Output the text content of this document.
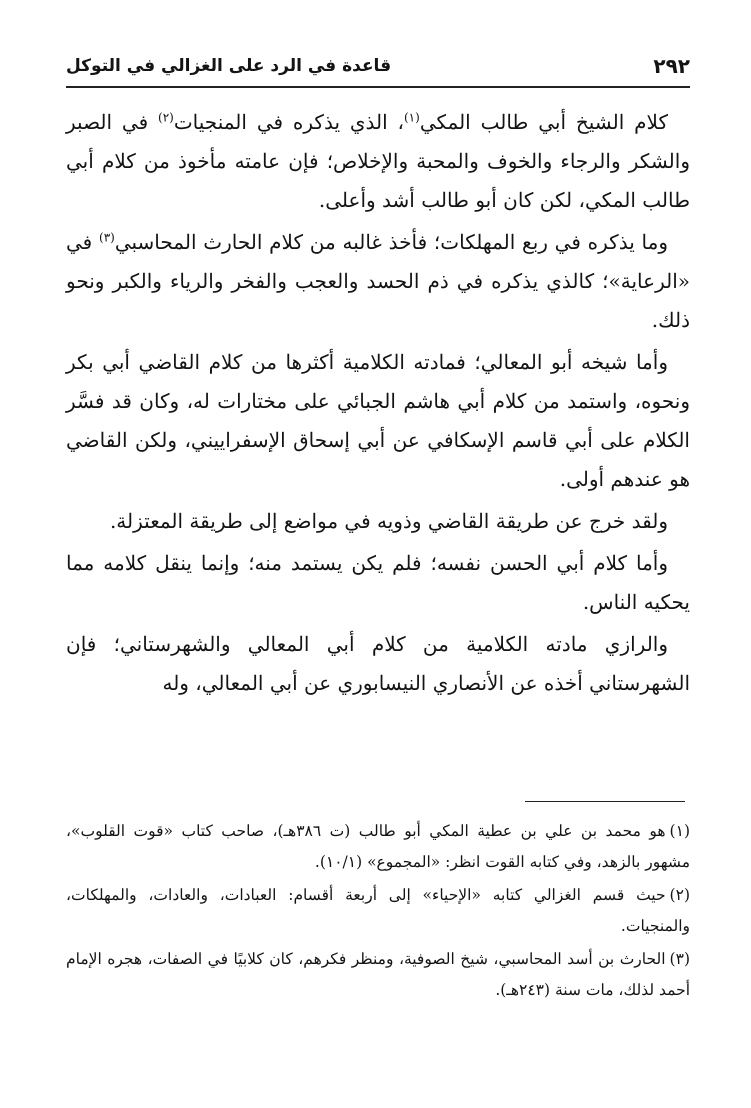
٢٩٢
قاعدة في الرد على الغزالي في التوكل

كلام الشيخ أبي طالب المكي$^{(١)}$، الذي يذكره في المنجيات$^{(٢)}$ في الصبر والشكر والرجاء والخوف والمحبة والإخلاص؛ فإن عامته مأخوذ من كلام أبي طالب المكي، لكن كان أبو طالب أشد وأعلى.

وما يذكره في ربع المهلكات؛ فأخذ غالبه من كلام الحارث المحاسبي$^{(٣)}$ في «الرعاية»؛ كالذي يذكره في ذم الحسد والعجب والفخر والرياء والكبر ونحو ذلك.

وأما شيخه أبو المعالي؛ فمادته الكلامية أكثرها من كلام القاضي أبي بكر ونحوه، واستمد من كلام أبي هاشم الجبائي على مختارات له، وكان قد فسَّر الكلام على أبي قاسم الإسكافي عن أبي إسحاق الإسفراييني، ولكن القاضي هو عندهم أولى.

ولقد خرج عن طريقة القاضي وذويه في مواضع إلى طريقة المعتزلة.

وأما كلام أبي الحسن نفسه؛ فلم يكن يستمد منه؛ وإنما ينقل كلامه مما يحكيه الناس.

والرازي مادته الكلامية من كلام أبي المعالي والشهرستاني؛ فإن الشهرستاني أخذه عن الأنصاري النيسابوري عن أبي المعالي، وله

(١)هو محمد بن علي بن عطية المكي أبو طالب (ت ٣٨٦هـ)، صاحب كتاب «قوت القلوب»، مشهور بالزهد، وفي كتابه القوت انظر: «المجموع» (١٠/١).

(٢)حيث قسم الغزالي كتابه «الإحياء» إلى أربعة أقسام: العبادات، والعادات، والمهلكات، والمنجيات.

(٣)الحارث بن أسد المحاسبي، شيخ الصوفية، ومنظر فكرهم، كان كلابيًا في الصفات، هجره الإمام أحمد لذلك، مات سنة (٢٤٣هـ).
